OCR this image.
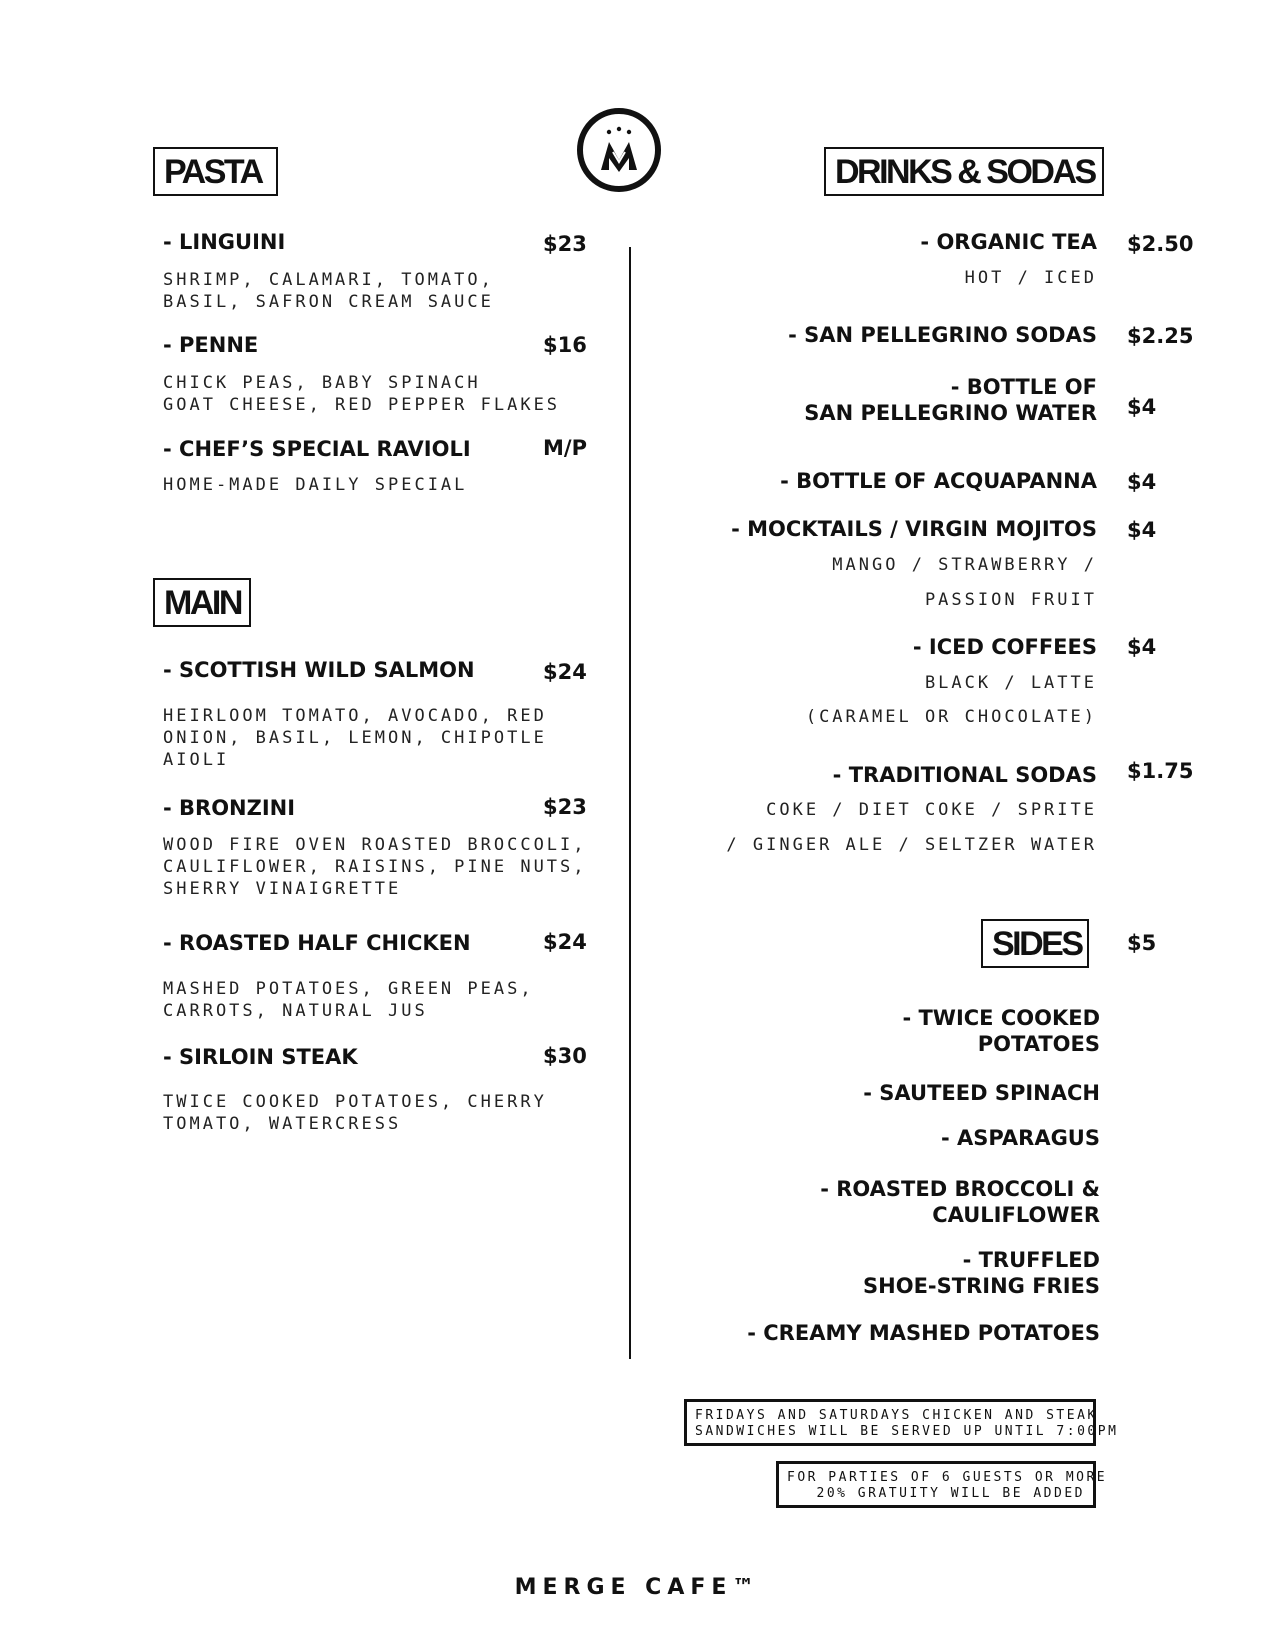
PASTA
- LINGUINI	$23
SHRIMP, CALAMARI, TOMATO,
BASIL, SAFRON CREAM SAUCE
- PENNE	$16
CHICK PEAS, BABY SPINACH
GOAT CHEESE, RED PEPPER FLAKES
- CHEF’S SPECIAL RAVIOLI	M/P
HOME-MADE DAILY SPECIAL
MAIN
- SCOTTISH WILD SALMON	$24
HEIRLOOM TOMATO, AVOCADO, RED
ONION, BASIL, LEMON, CHIPOTLE
AIOLI
- BRONZINI	$23
WOOD FIRE OVEN ROASTED BROCCOLI,
CAULIFLOWER, RAISINS, PINE NUTS,
SHERRY VINAIGRETTE
- ROASTED HALF CHICKEN	$24
MASHED POTATOES, GREEN PEAS,
CARROTS, NATURAL JUS
- SIRLOIN STEAK	$30
TWICE COOKED POTATOES, CHERRY
TOMATO, WATERCRESS
DRINKS & SODAS
- ORGANIC TEA $2.50
HOT / ICED
- SAN PELLEGRINO SODAS $2.25
- BOTTLE OF
SAN PELLEGRINO WATER $4
- BOTTLE OF ACQUAPANNA $4
- MOCKTAILS / VIRGIN MOJITOS $4
MANGO / STRAWBERRY /
PASSION FRUIT
- ICED COFFEES $4
BLACK / LATTE
(CARAMEL OR CHOCOLATE)
- TRADITIONAL SODAS $1.75
COKE / DIET COKE / SPRITE
/ GINGER ALE / SELTZER WATER
SIDES	$5
- TWICE COOKED
POTATOES
- SAUTEED SPINACH
- ASPARAGUS
- ROASTED BROCCOLI &
CAULIFLOWER
- TRUFFLED
SHOE-STRING FRIES
- CREAMY MASHED POTATOES
FRIDAYS AND SATURDAYS CHICKEN AND STEAK
SANDWICHES WILL BE SERVED UP UNTIL 7:00PM
FOR PARTIES OF 6 GUESTS OR MORE
20% GRATUITY WILL BE ADDED
MERGE CAFE™
